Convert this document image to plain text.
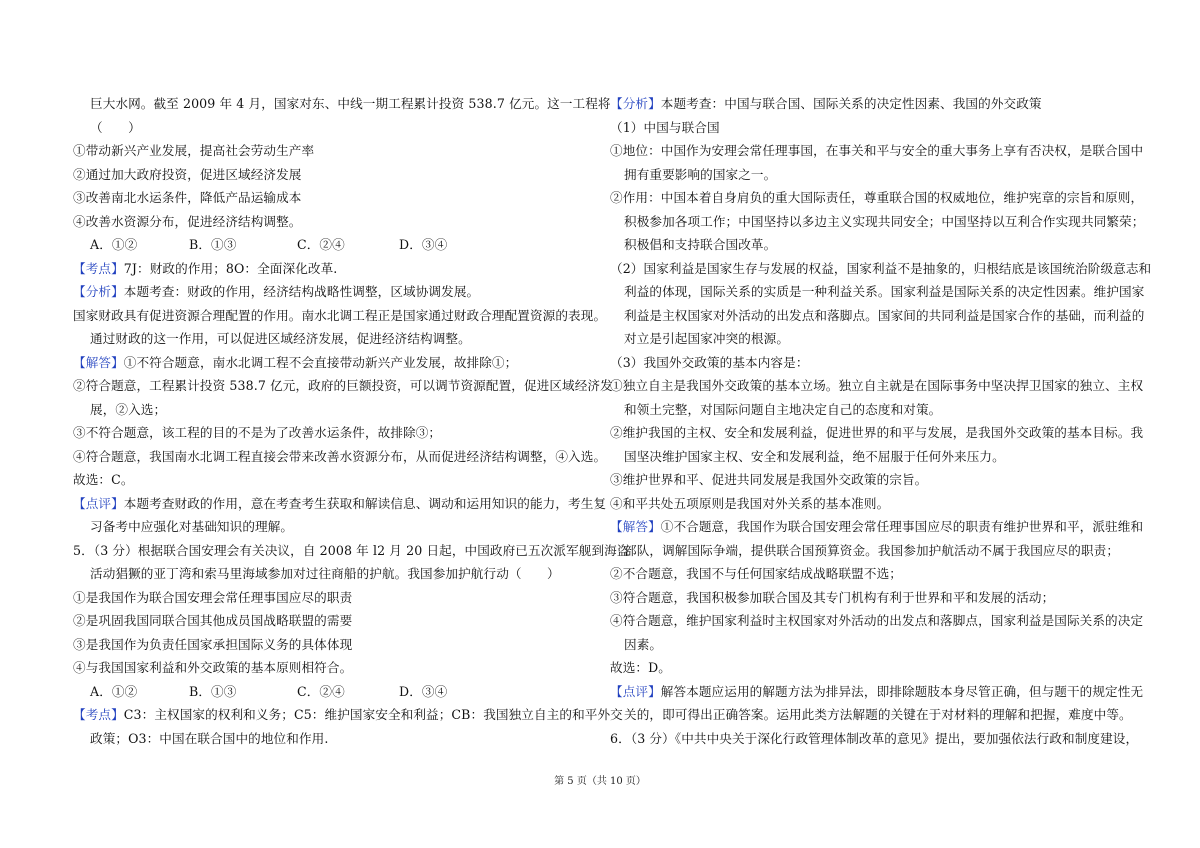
巨大水网。截至 2009 年 4 月，国家对东、中线一期工程累计投资 538.7 亿元。这一工程将
（　　）
①带动新兴产业发展，提高社会劳动生产率
②通过加大政府投资，促进区域经济发展
③改善南北水运条件，降低产品运输成本
④改善水资源分布，促进经济结构调整。
A．①②	B．①③	C．②④	D．③④
【考点】7J：财政的作用；8O：全面深化改革.
【分析】本题考查：财政的作用，经济结构战略性调整，区域协调发展。
国家财政具有促进资源合理配置的作用。南水北调工程正是国家通过财政合理配置资源的表现。
通过财政的这一作用，可以促进区域经济发展，促进经济结构调整。
【解答】①不符合题意，南水北调工程不会直接带动新兴产业发展，故排除①；
②符合题意，工程累计投资 538.7 亿元，政府的巨额投资，可以调节资源配置，促进区域经济发
展，②入选；
③不符合题意，该工程的目的不是为了改善水运条件，故排除③；
④符合题意，我国南水北调工程直接会带来改善水资源分布，从而促进经济结构调整，④入选。
故选：C。
【点评】本题考查财政的作用，意在考查考生获取和解读信息、调动和运用知识的能力，考生复
习备考中应强化对基础知识的理解。
5．（3 分）根据联合国安理会有关决议，自 2008 年 l2 月 20 日起，中国政府已五次派军舰到海盗
活动猖獗的亚丁湾和索马里海域参加对过往商船的护航。我国参加护航行动（　　）
①是我国作为联合国安理会常任理事国应尽的职责
②是巩固我国同联合国其他成员国战略联盟的需要
③是我国作为负责任国家承担国际义务的具体体现
④与我国国家利益和外交政策的基本原则相符合。
A．①②	B．①③	C．②④	D．③④
【考点】C3：主权国家的权利和义务；C5：维护国家安全和利益；CB：我国独立自主的和平外交
政策；O3：中国在联合国中的地位和作用.
【分析】本题考查：中国与联合国、国际关系的决定性因素、我国的外交政策
（1）中国与联合国
①地位：中国作为安理会常任理事国，在事关和平与安全的重大事务上享有否决权，是联合国中
拥有重要影响的国家之一。
②作用：中国本着自身肩负的重大国际责任，尊重联合国的权威地位，维护宪章的宗旨和原则，
积极参加各项工作；中国坚持以多边主义实现共同安全；中国坚持以互利合作实现共同繁荣；
积极倡和支持联合国改革。
（2）国家利益是国家生存与发展的权益，国家利益不是抽象的，归根结底是该国统治阶级意志和
利益的体现，国际关系的实质是一种利益关系。国家利益是国际关系的决定性因素。维护国家
利益是主权国家对外活动的出发点和落脚点。国家间的共同利益是国家合作的基础，而利益的
对立是引起国家冲突的根源。
（3）我国外交政策的基本内容是：
①独立自主是我国外交政策的基本立场。独立自主就是在国际事务中坚决捍卫国家的独立、主权
和领土完整，对国际问题自主地决定自己的态度和对策。
②维护我国的主权、安全和发展利益，促进世界的和平与发展，是我国外交政策的基本目标。我
国坚决维护国家主权、安全和发展利益，绝不屈服于任何外来压力。
③维护世界和平、促进共同发展是我国外交政策的宗旨。
④和平共处五项原则是我国对外关系的基本准则。
【解答】①不合题意，我国作为联合国安理会常任理事国应尽的职责有维护世界和平，派驻维和
部队，调解国际争端，提供联合国预算资金。我国参加护航活动不属于我国应尽的职责；
②不合题意，我国不与任何国家结成战略联盟不选；
③符合题意，我国积极参加联合国及其专门机构有利于世界和平和发展的活动；
④符合题意，维护国家利益时主权国家对外活动的出发点和落脚点，国家利益是国际关系的决定
因素。
故选：D。
【点评】解答本题应运用的解题方法为排异法，即排除题肢本身尽管正确，但与题干的规定性无
关的，即可得出正确答案。运用此类方法解题的关键在于对材料的理解和把握，难度中等。
6．（3 分）《中共中央关于深化行政管理体制改革的意见》提出，要加强依法行政和制度建设，
第 5 页（共 10 页）
